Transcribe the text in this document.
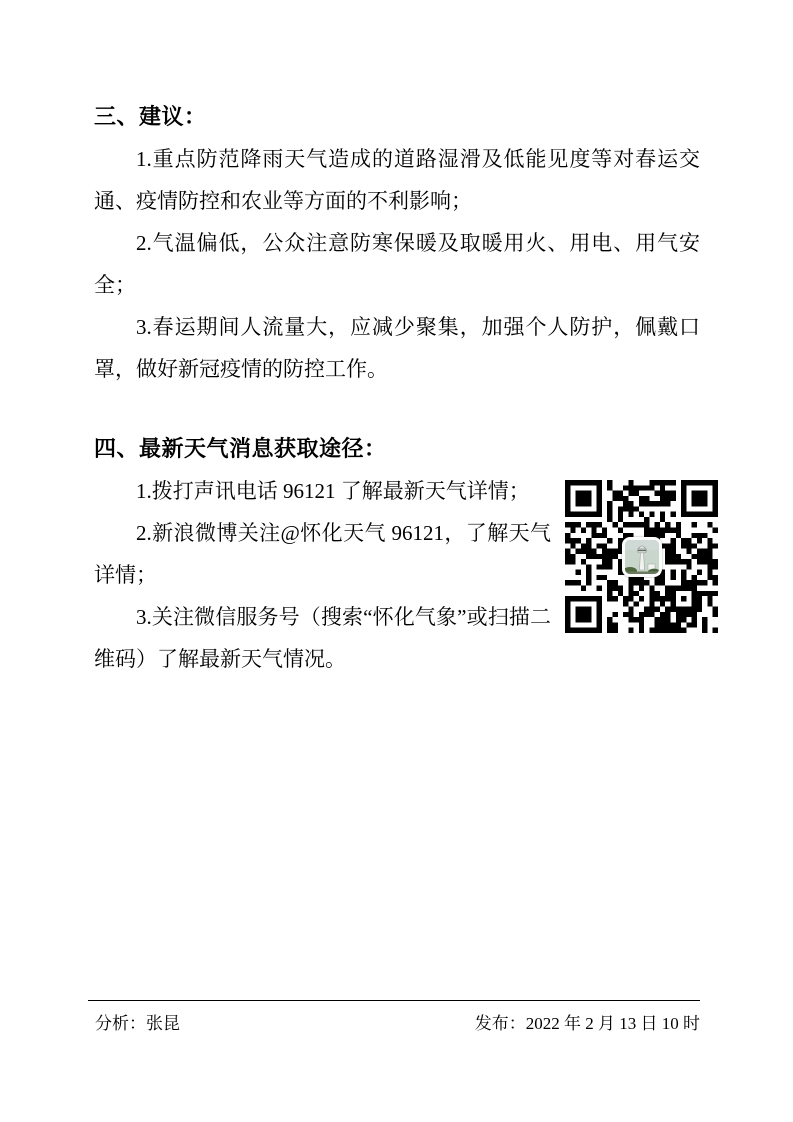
三、建议：

1.重点防范降雨天气造成的道路湿滑及低能见度等对春运交通、疫情防控和农业等方面的不利影响；

2.气温偏低，公众注意防寒保暖及取暖用火、用电、用气安全；

3.春运期间人流量大，应减少聚集，加强个人防护，佩戴口罩，做好新冠疫情的防控工作。

四、最新天气消息获取途径：

1.拨打声讯电话 96121 了解最新天气详情；

2.新浪微博关注@怀化天气 96121，了解天气详情；

3.关注微信服务号（搜索“怀化气象”或扫描二维码）了解最新天气情况。

分析：张昆	发布：2022 年 2 月 13 日 10 时
